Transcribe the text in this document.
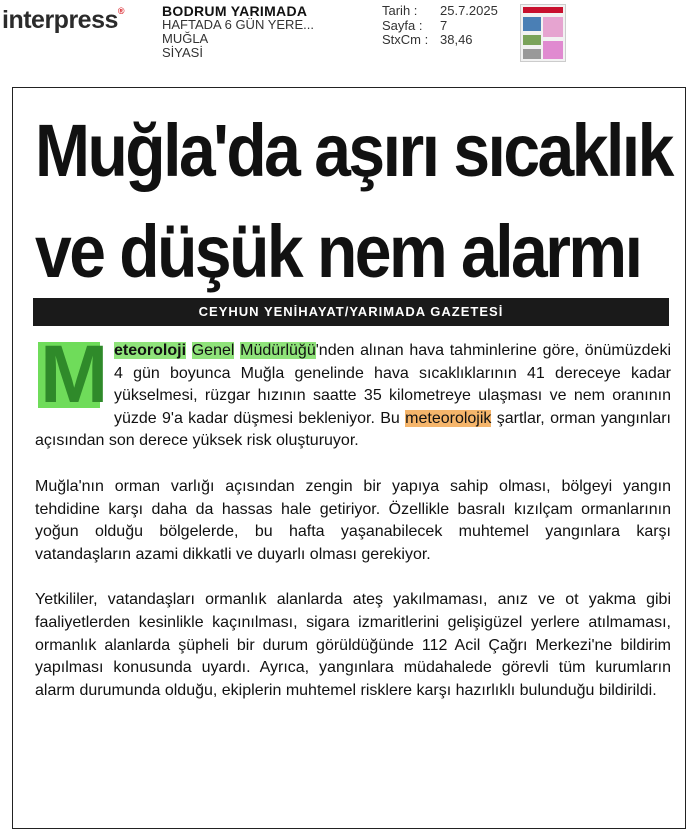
interpress®	BODRUM YARIMADA
HAFTADA 6 GÜN YERE...
MUĞLA
SİYASİ
Tarih :	25.7.2025
Sayfa :	7
StxCm : 38,46
Muğla'da aşırı sıcaklık
ve düşük nem alarmı
CEYHUN YENİHAYAT/YARIMADA GAZETESİ

M eteoroloji Genel Müdürlüğü'nden alınan hava tahminlerine göre, önümüzdeki 4 gün boyunca Muğla genelinde hava sıcaklıklarının 41 dereceye kadar yükselmesi, rüzgar hızının saatte 35 kilometreye ulaşması ve nem oranının yüzde 9'a kadar düşmesi bekleniyor. Bu meteorolojik şartlar, orman yangınları açısından son derece yüksek risk oluşturuyor.

Muğla'nın orman varlığı açısından zengin bir yapıya sahip olması, bölgeyi yangın tehdidine karşı daha da hassas hale getiriyor. Özellikle basralı kızılçam ormanlarının yoğun olduğu bölgelerde, bu hafta yaşanabilecek muhtemel yangınlara karşı vatandaşların azami dikkatli ve duyarlı olması gerekiyor.

Yetkililer, vatandaşları ormanlık alanlarda ateş yakılmaması, anız ve ot yakma gibi faaliyetlerden kesinlikle kaçınılması, sigara izmaritlerini gelişigüzel yerlere atılmaması, ormanlık alanlarda şüpheli bir durum görüldüğünde 112 Acil Çağrı Merkezi'ne bildirim yapılması konusunda uyardı. Ayrıca, yangınlara müdahalede görevli tüm kurumların alarm durumunda olduğu, ekiplerin muhtemel risklere karşı hazırlıklı bulunduğu bildirildi.
